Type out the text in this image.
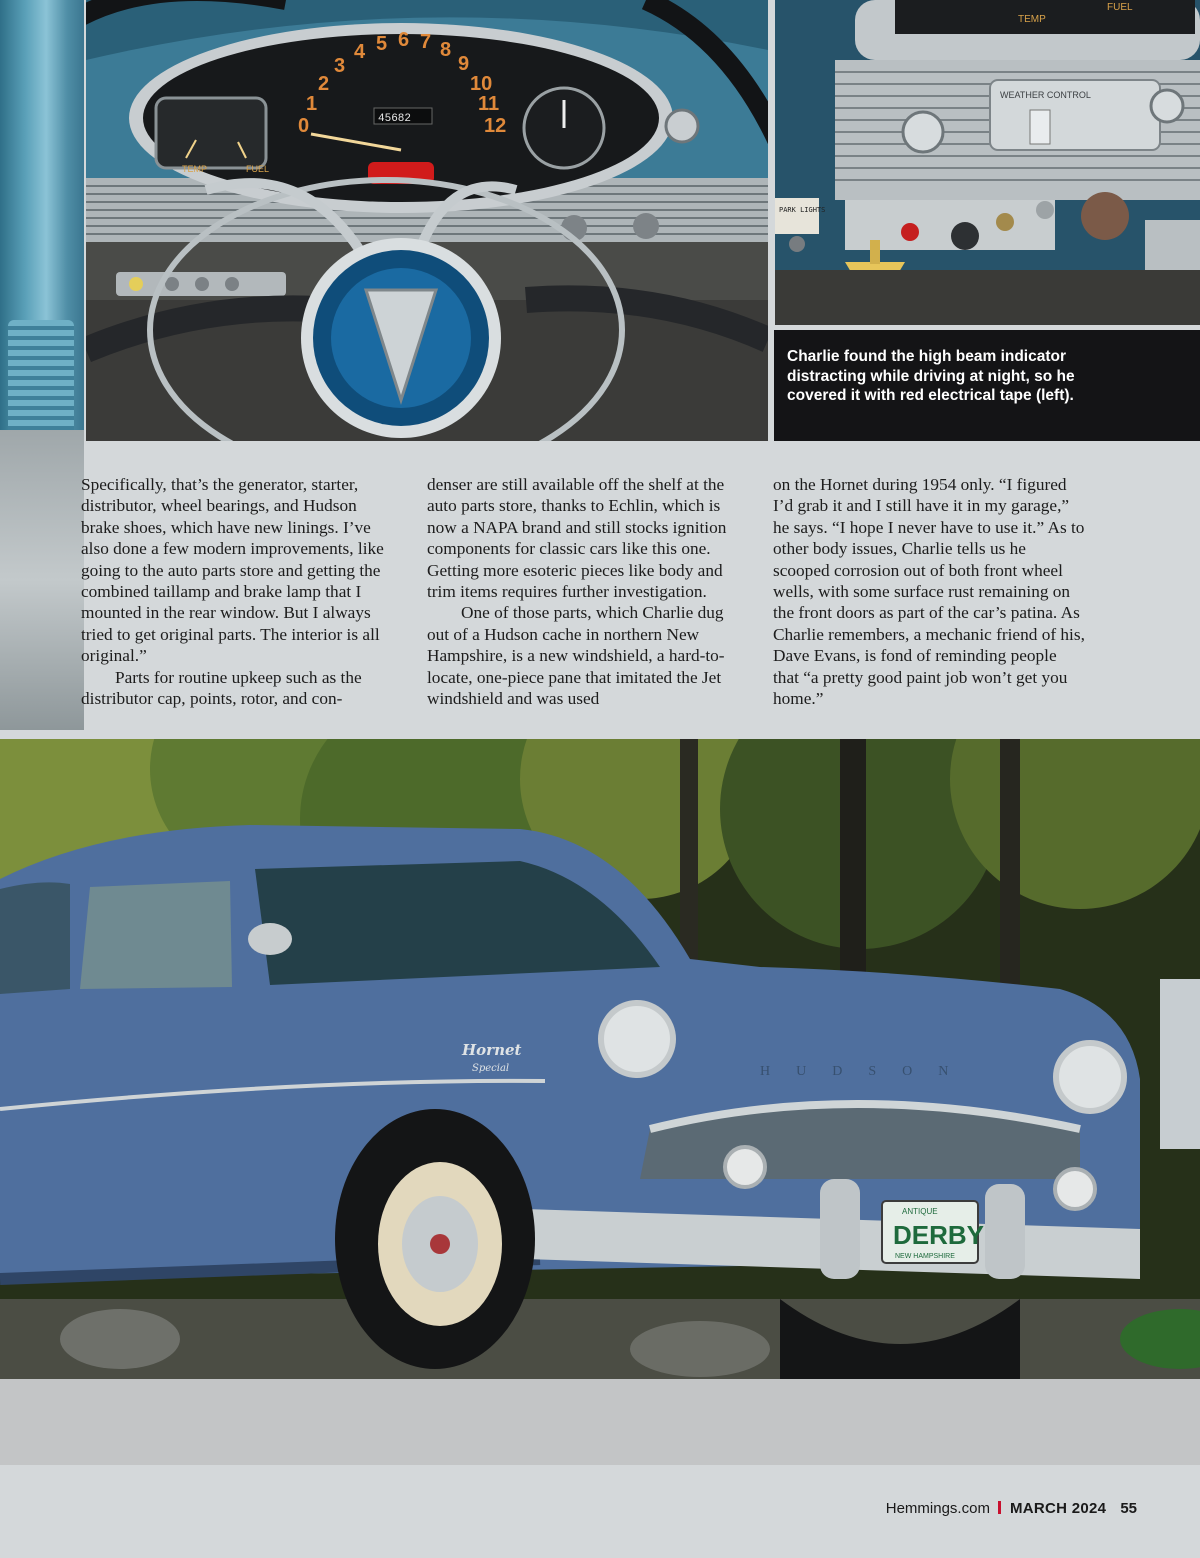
TEMP	FUEL
0
1
2
3
4 5 6 7 8
9
10
11
12
45682
TEMP
FUEL
WEATHER CONTROL
PARK LIGHTS
Charlie found the high beam indicator distracting while driving at night, so he covered it with red electrical tape (left).

Specifically, that’s the generator, starter, distributor, wheel bearings, and Hudson brake shoes, which have new linings. I’ve also done a few modern improvements, like going to the auto parts store and getting the combined taillamp and brake lamp that I mounted in the rear window. But I always tried to get original parts. The interior is all original.”

Parts for routine upkeep such as the distributor cap, points, rotor, and con-

denser are still available off the shelf at the auto parts store, thanks to Echlin, which is now a NAPA brand and still stocks ignition components for classic cars like this one. Getting more esoteric pieces like body and trim items requires further investigation.

One of those parts, which Charlie dug out of a Hudson cache in northern New Hampshire, is a new windshield, a hard-to-locate, one-piece pane that imitated the Jet windshield and was used

on the Hornet during 1954 only. “I figured I’d grab it and I still have it in my garage,” he says. “I hope I never have to use it.” As to other body issues, Charlie tells us he scooped corrosion out of both front wheel wells, with some surface rust remaining on the front doors as part of the car’s patina. As Charlie remembers, a mechanic friend of his, Dave Evans, is fond of reminding people that “a pretty good paint job won’t get you home.”

Hornet
Special	HUDSON
ANTIQUE
DERBY
NEW HAMPSHIRE
Hemmings.com MARCH 2024 55
